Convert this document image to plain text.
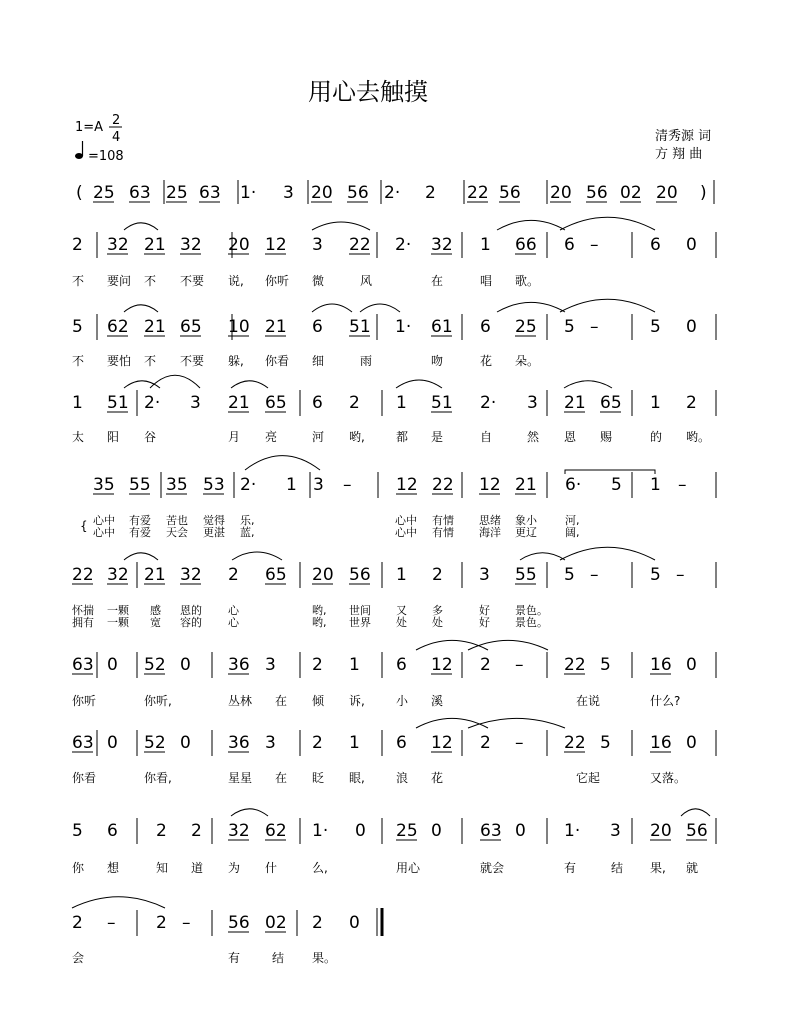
用心去触摸
1=A 2
4
=108
清秀源 词
方 翔 曲
( 25 63 25 63 1· 3 20 56 2· 2 22 56 20 56 02 20 )
2 32 21 32 20 12 3 22 2· 32 1 66 6 –	6 0
不 要问 不 不要 说, 你听 微	风	在	唱 歌。
5 62 21 65 10 21 6 51 1· 61 6 25 5 –	5 0
不 要怕 不 不要 躲, 你看 细	雨	吻	花 朵。
1 51 2· 3 21 65 6 2 1 51 2· 3 21 65 1 2
太 阳 谷	月 亮	河 哟,	都 是	自	然 恩 赐	的 哟。
35 55 35 53 2· 1 3 –	12 22 12 21 6· 5 1 –
{ 心中 有爱 苦也 觉得 乐,	心中 有情 思绪 象小	河,
心中 有爱 天会 更湛 蓝,	心中 有情 海洋 更辽	阔,
22 32 21 32 2 65 20 56 1 2 3 55 5 –	5 –
怀揣 一颗 感 恩的 心	哟, 世间 又 多	好 景色。
拥有 一颗 宽 容的 心	哟, 世界 处 处	好 景色。
63 0 52 0 36 3 2 1 6 12 2 – 22 5 16 0
你听	你听,	丛林 在 倾 诉,	小 溪	在说	什么?
63 0 52 0 36 3 2 1 6 12 2 – 22 5 16 0
你看	你看,	星星 在 眨 眼,	浪 花	它起	又落。
5 6 2 2 32 62 1· 0 25 0 63 0 1· 3 20 56
你 想	知 道 为 什	么,	用心	就会	有	结 果, 就
2 – 2 – 56 02 2 0
会	有	结 果。
